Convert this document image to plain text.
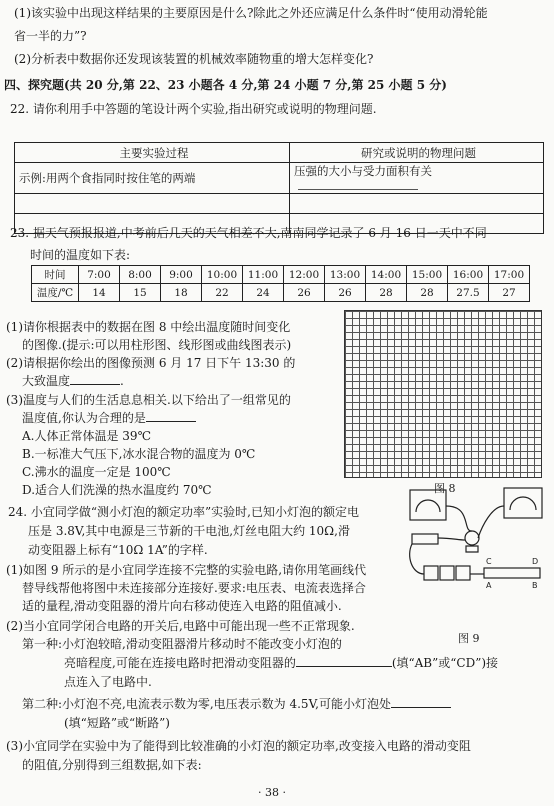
(1)该实验中出现这样结果的主要原因是什么?除此之外还应满足什么条件时“使用动滑轮能
省一半的力”?
(2)分析表中数据你还发现该装置的机械效率随物重的增大怎样变化?
四、探究题(共 20 分,第 22、23 小题各 4 分,第 24 小题 7 分,第 25 小题 5 分)
22. 请你利用手中答题的笔设计两个实验,指出研究或说明的物理问题.
主要实验过程	研究或说明的物理问题
示例:用两个食指同时按住笔的两端	压强的大小与受力面积有关

23. 据天气预报报道,中考前后几天的天气相差不大,南南同学记录了 6 月 16 日一天中不同
时间的温度如下表:
时间	7:00	8:00	9:00	10:00	11:00	12:00	13:00	14:00	15:00	16:00	17:00
温度/℃	14	15	18	22	24	26	26	28	28	27.5	27
(1)请你根据表中的数据在图 8 中绘出温度随时间变化
的图像.(提示:可以用柱形图、线形图或曲线图表示)
(2)请根据你绘出的图像预测 6 月 17 日下午 13:30 的
大致温度	.
(3)温度与人们的生活息息相关.以下给出了一组常见的
温度值,你认为合理的是
A.人体正常体温是 39℃
B.一标准大气压下,冰水混合物的温度为 0℃
C.沸水的温度一定是 100℃
D.适合人们洗澡的热水温度约 70℃	图 8
24. 小宜同学做“测小灯泡的额定功率”实验时,已知小灯泡的额定电
压是 3.8V,其中电源是三节新的干电池,灯丝电阻大约 10Ω,滑
动变阻器上标有“10Ω 1A”的字样.
(1)如图 9 所示的是小宜同学连接不完整的实验电路,请你用笔画线代
替导线帮他将图中未连接部分连接好.要求:电压表、电流表选择合
适的量程,滑动变阻器的滑片向右移动使连入电路的阻值减小.
(2)当小宜同学闭合电路的开关后,电路中可能出现一些不正常现象.
第一种:小灯泡较暗,滑动变阻器滑片移动时不能改变小灯泡的
亮暗程度,可能在连接电路时把滑动变阻器的	(填“AB”或“CD”)接
点连入了电路中.
第二种:小灯泡不亮,电流表示数为零,电压表示数为 4.5V,可能小灯泡处
(填“短路”或“断路”)
(3)小宜同学在实验中为了能得到比较准确的小灯泡的额定功率,改变接入电路的滑动变阻
的阻值,分别得到三组数据,如下表:
C	D
A	B
图 9
· 38 ·
